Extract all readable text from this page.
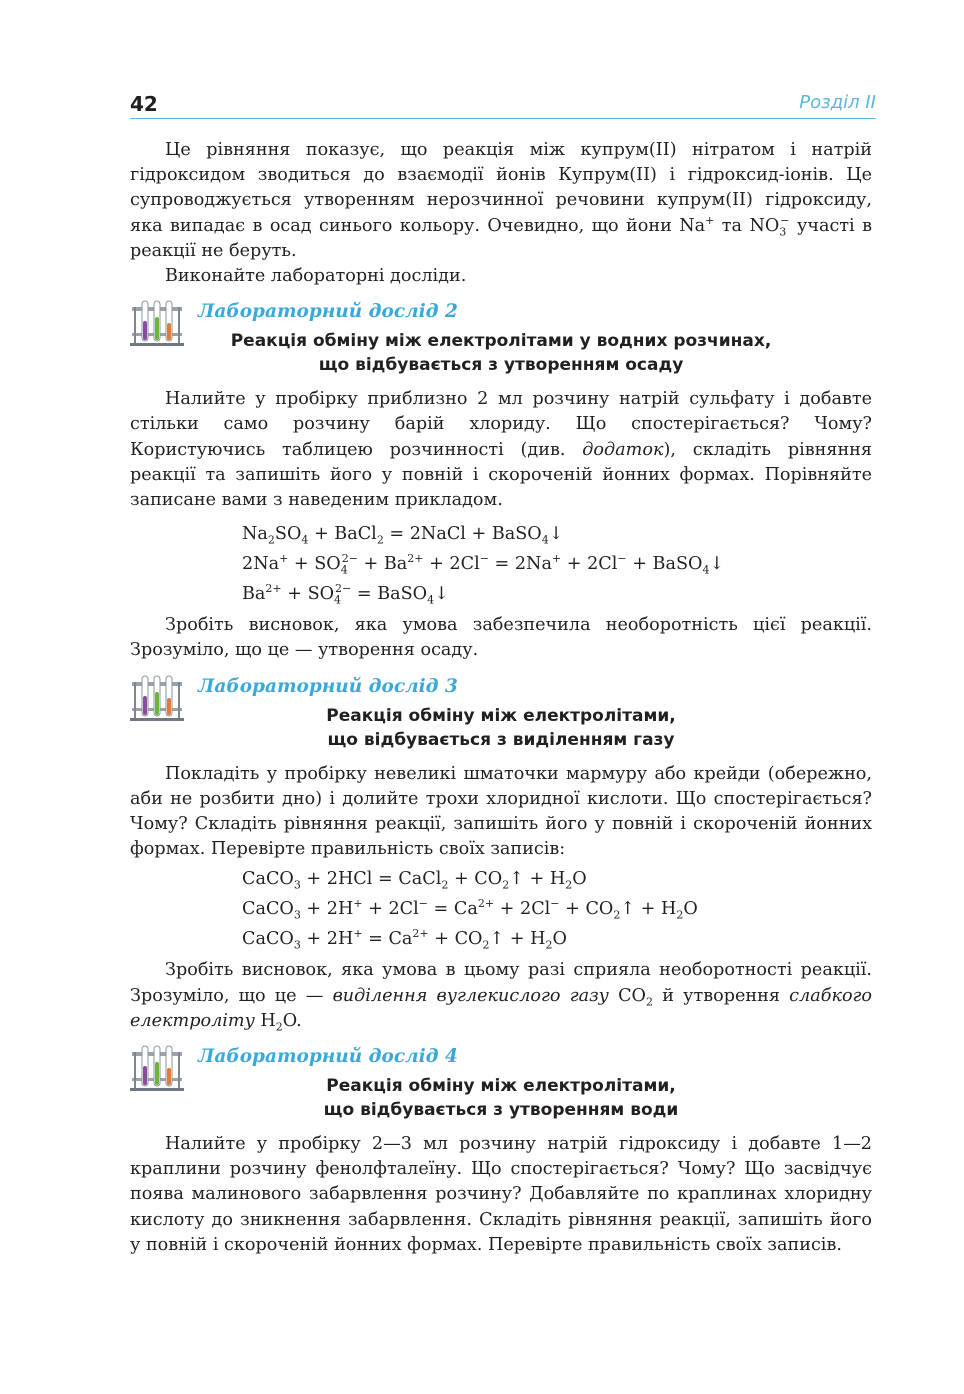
42	Розділ II

Це рівняння показує, що реакція між купрум(II) нітратом і натрій гідроксидом зводиться до взаємодії йонів Купрум(II) і гідроксид-іонів. Це супроводжується утворенням нерозчинної речовини купрум(II) гідроксиду, яка випадає в осад синього кольору. Очевидно, що йони Na+ та $NO_3^-$ участі в реакції не беруть.

Виконайте лабораторні досліди.

Лабораторний дослід 2
Реакція обміну між електролітами у водних розчинах,
що відбувається з утворенням осаду

Налийте у пробірку приблизно 2 мл розчину натрій сульфату і добавте стільки само розчину барій хлориду. Що спостерігається? Чому? Користуючись таблицею розчинності (див. додаток), складіть рівняння реакції та запишіть його у повній і скороченій йонних формах. Порівняйте записане вами з наведеним прикладом.

$Na_2SO_4$ + BaCl$_2$ = 2NaCl + BaSO$_4$↓
$2Na^+ + SO_4^{2-} + Ba^{2+} + 2Cl^- = 2Na^+ + 2Cl^-$ + BaSO$_4$↓
$Ba^{2+} + SO_4^{2-}$ = BaSO$_4$↓

Зробіть висновок, яка умова забезпечила необоротність цієї реакції. Зрозуміло, що це — утворення осаду.

Лабораторний дослід 3
Реакція обміну між електролітами,
що відбувається з виділенням газу

Покладіть у пробірку невеликі шматочки мармуру або крейди (обережно, аби не розбити дно) і долийте трохи хлоридної кислоти. Що спостерігається? Чому? Складіть рівняння реакції, запишіть його у повній і скороченій йонних формах. Перевірте правильність своїх записів:

CaCO$_3$ + 2HCl = CaCl$_2$ + $CO_2↑ + H_2O$
CaCO$_3$ + $2H^+ + 2Cl^- = Ca^{2+} + 2Cl^-$ + $CO_2↑ + H_2O$
CaCO$_3$ + $2H^+ = Ca^{2+}$ + $CO_2↑ + H_2O$

Зробіть висновок, яка умова в цьому разі сприяла необоротності реакції. Зрозуміло, що це — виділення вуглекислого газу $CO_2$ й утворення слабкого електроліту $H_2O$.

Лабораторний дослід 4
Реакція обміну між електролітами,
що відбувається з утворенням води

Налийте у пробірку 2—3 мл розчину натрій гідроксиду і добавте 1—2 краплини розчину фенолфталеїну. Що спостерігається? Чому? Що засвідчує поява малинового забарвлення розчину? Добавляйте по краплинах хлоридну кислоту до зникнення забарвлення. Складіть рівняння реакції, запишіть його у повній і скороченій йонних формах. Перевірте правильність своїх записів.
